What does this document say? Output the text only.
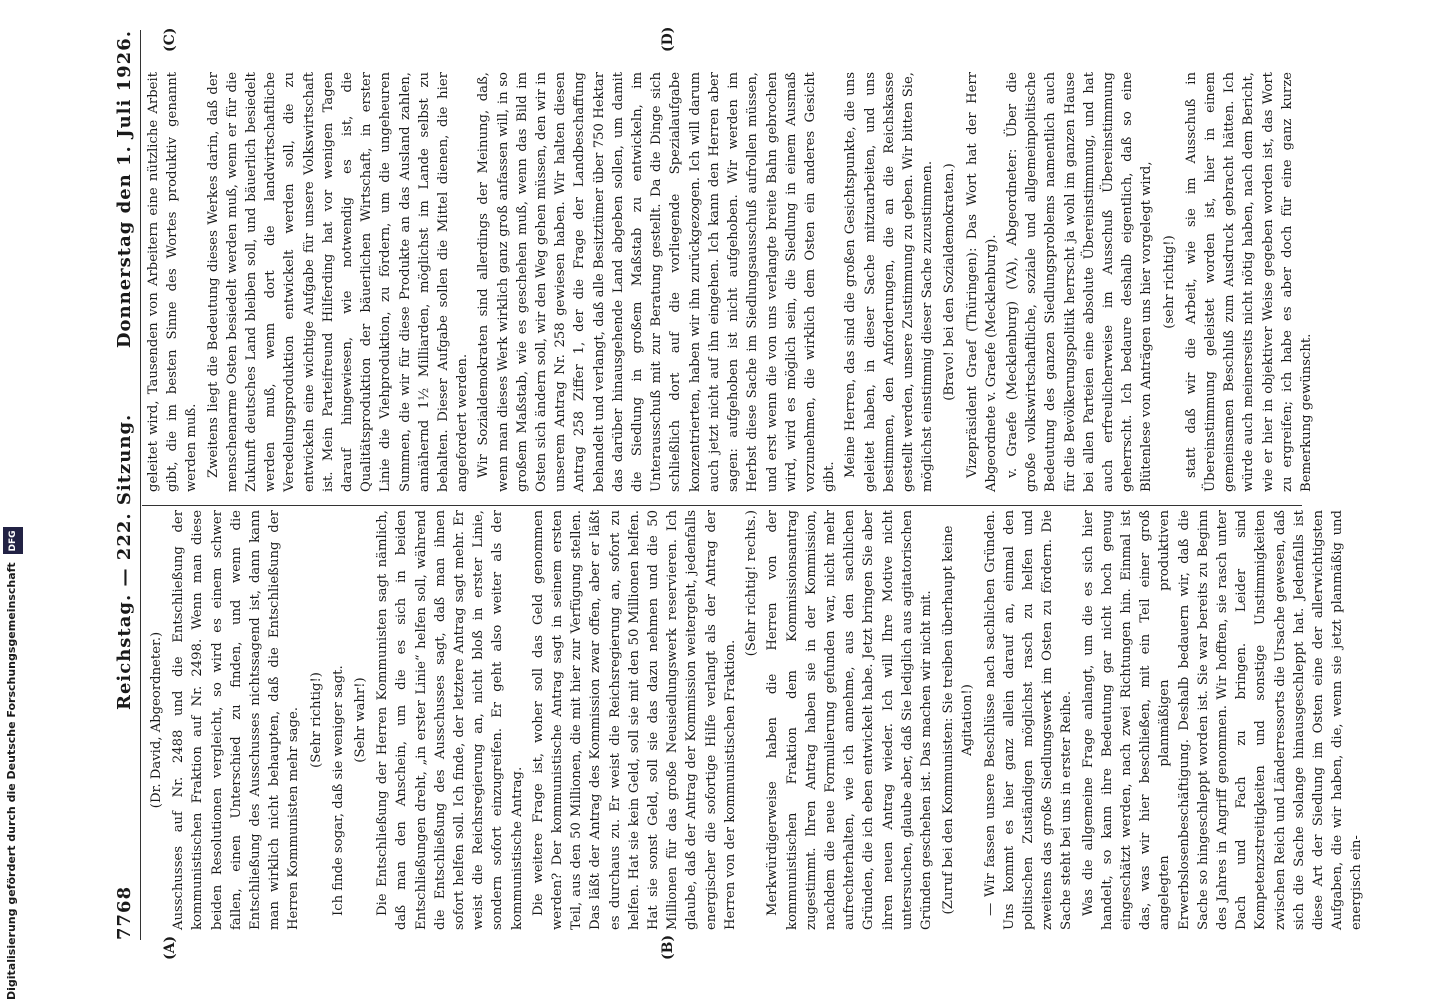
7768
Reichstag. — 222. Sitzung.
Donnerstag den 1. Juli 1926.
(A)	(B)
(C)	(D)

(Dr. David, Abgeordneter.) Ausschusses auf Nr. 2488 und die Entschließung der kommunistischen Fraktion auf Nr. 2498. Wenn man diese beiden Resolutionen vergleicht, so wird es einem schwer fallen, einen Unterschied zu finden, und wenn die Entschließung des Ausschusses nichtssagend ist, dann kann man wirklich nicht behaupten, daß die Entschließung der Herren Kommunisten mehr sage. (Sehr richtig!) Ich finde sogar, daß sie weniger sagt. (Sehr wahr!) Die Entschließung der Herren Kommunisten sagt nämlich, daß man den Anschein, um die es sich in beiden Entschließungen dreht, „in erster Linie“ helfen soll, während die Entschließung des Ausschusses sagt, daß man ihnen sofort helfen soll. Ich finde, der letztere Antrag sagt mehr. Er weist die Reichsregierung an, nicht bloß in erster Linie, sondern sofort einzugreifen. Er geht also weiter als der kommunistische Antrag. Die weitere Frage ist, woher soll das Geld genommen werden? Der kommunistische Antrag sagt in seinem ersten Teil, aus den 50 Millionen, die mit hier zur Verfügung stellen. Das läßt der Antrag des Kommission zwar offen, aber er läßt es durchaus zu. Er weist die Reichsregierung an, sofort zu helfen. Hat sie kein Geld, soll sie mit den 50 Millionen helfen. Hat sie sonst Geld, soll sie das dazu nehmen und die 50 Millionen für das große Neusiedlungswerk reservieren. Ich glaube, daß der Antrag der Kommission weitergeht, jedenfalls energischer die sofortige Hilfe verlangt als der Antrag der Herren von der kommunistischen Fraktion.

(Sehr richtig! rechts.) Merkwürdigerweise haben die Herren von der kommunistischen Fraktion dem Kommissionsantrag zugestimmt. Ihren Antrag haben sie in der Kommission, nachdem die neue Formulierung gefunden war, nicht mehr aufrechterhalten, wie ich annehme, aus den sachlichen Gründen, die ich eben entwickelt habe. Jetzt bringen Sie aber ihren neuen Antrag wieder. Ich will Ihre Motive nicht untersuchen, glaube aber, daß Sie lediglich aus agitatorischen Gründen geschehen ist. Das machen wir nicht mit. (Zuruf bei den Kommunisten: Sie treiben überhaupt keine Agitation!) — Wir fassen unsere Beschlüsse nach sachlichen Gründen. Uns kommt es hier ganz allein darauf an, einmal den politischen Zuständigen möglichst rasch zu helfen und zweitens das große Siedlungswerk im Osten zu fördern. Die Sache steht bei uns in erster Reihe. Was die allgemeine Frage anlangt, um die es sich hier handelt, so kann ihre Bedeutung gar nicht hoch genug eingeschätzt werden, nach zwei Richtungen hin. Einmal ist das, was wir hier beschließen, mit ein Teil einer groß angelegten planmäßigen produktiven Erwerbslosenbeschäftigung. Deshalb bedauern wir, daß die Sache so hingeschleppt worden ist. Sie war bereits zu Beginn des Jahres in Angriff genommen. Wir hofften, sie rasch unter Dach und Fach zu bringen. Leider sind Kompetenzstreitigkeiten und sonstige Unstimmigkeiten zwischen Reich und Länderressorts die Ursache gewesen, daß sich die Sache solange hinausgeschleppt hat. Jedenfalls ist diese Art der Siedlung im Osten eine der allerwichtigsten Aufgaben, die wir haben, die, wenn sie jetzt planmäßig und energisch ein-

geleitet wird, Tausenden von Arbeitern eine nützliche Arbeit gibt, die im besten Sinne des Wortes produktiv genannt werden muß. Zweitens liegt die Bedeutung dieses Werkes darin, daß der menschenarme Osten besiedelt werden muß, wenn er für die Zukunft deutsches Land bleiben soll, und bäuerlich besiedelt werden muß, wenn dort die landwirtschaftliche Veredelungsproduktion entwickelt werden soll, die zu entwickeln eine wichtige Aufgabe für unsere Volkswirtschaft ist. Mein Parteifreund Hilferding hat vor wenigen Tagen darauf hingewiesen, wie notwendig es ist, die Qualitätsproduktion der bäuerlichen Wirtschaft, in erster Linie die Viehproduktion, zu fördern, um die ungeheuren Summen, die wir für diese Produkte an das Ausland zahlen, annähernd 1½ Milliarden, möglichst im Lande selbst zu behalten. Dieser Aufgabe sollen die Mittel dienen, die hier angefordert werden. Wir Sozialdemokraten sind allerdings der Meinung, daß, wenn man dieses Werk wirklich ganz groß anfassen will, in so großem Maßstab, wie es geschehen muß, wenn das Bild im Osten sich ändern soll, wir den Weg gehen müssen, den wir in unserem Antrag Nr. 258 gewiesen haben. Wir halten diesen Antrag 258 Ziffer 1, der die Frage der Landbeschaffung behandelt und verlangt, daß alle Besitztümer über 750 Hektar das darüber hinausgehende Land abgeben sollen, um damit die Siedlung in großem Maßstab zu entwickeln, im Unterausschuß mit zur Beratung gestellt. Da die Dinge sich schließlich dort auf die vorliegende Spezialaufgabe konzentrierten, haben wir ihn zurückgezogen. Ich will darum auch jetzt nicht auf ihn eingehen. Ich kann den Herren aber sagen: aufgehoben ist nicht aufgehoben. Wir werden im Herbst diese Sache im Siedlungsausschuß aufrollen müssen, und erst wenn die von uns verlangte breite Bahn gebrochen wird, wird es möglich sein, die Siedlung in einem Ausmaß vorzunehmen, die wirklich dem Osten ein anderes Gesicht gibt. Meine Herren, das sind die großen Gesichtspunkte, die uns geleitet haben, in dieser Sache mitzuarbeiten, und uns bestimmen, den Anforderungen, die an die Reichskasse gestellt werden, unsere Zustimmung zu geben. Wir bitten Sie, möglichst einstimmig dieser Sache zuzustimmen. (Bravo! bei den Sozialdemokraten.) Vizepräsident Graef (Thüringen): Das Wort hat der Herr Abgeordnete v. Graefe (Mecklenburg). v. Graefe (Mecklenburg) (VA), Abgeordneter: Über die große volkswirtschaftliche, soziale und allgemeinpolitische Bedeutung des ganzen Siedlungsproblems namentlich auch für die Bevölkerungspolitik herrscht ja wohl im ganzen Hause bei allen Parteien eine absolute Übereinstimmung, und hat auch erfreulicherweise im Ausschuß Übereinstimmung geherrscht. Ich bedaure deshalb eigentlich, daß so eine Blütenlese von Anträgen uns hier vorgelegt wird, (sehr richtig!) statt daß wir die Arbeit, wie sie im Ausschuß in Übereinstimmung geleistet worden ist, hier in einem gemeinsamen Beschluß zum Ausdruck gebracht hätten. Ich würde auch meinerseits nicht nötig haben, nach dem Bericht, wie er hier in objektiver Weise gegeben worden ist, das Wort zu ergreifen; ich habe es aber doch für eine ganz kurze Bemerkung gewünscht.

Digitalisierung gefördert durch die Deutsche Forschungsgemeinschaft DFG
